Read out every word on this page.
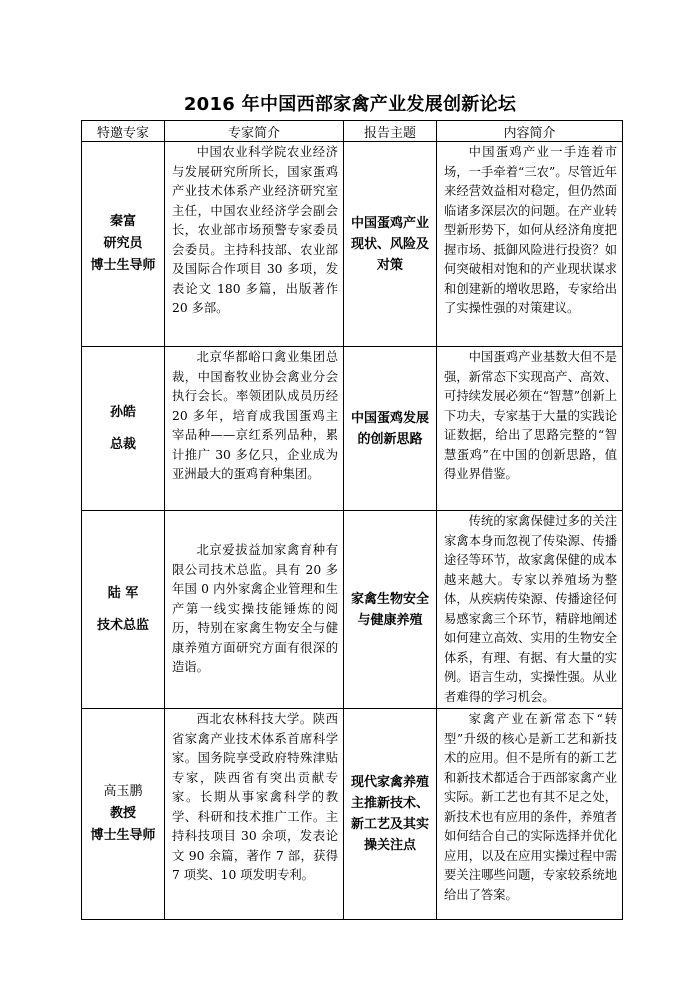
2016 年中国西部家禽产业发展创新论坛
特邀专家	专家简介	报告主题	内容简介
秦富
研究员
博士生导师	中国农业科学院农业经济与发展研究所所长，国家蛋鸡产业技术体系产业经济研究室主任，中国农业经济学会副会长，农业部市场预警专家委员会委员。主持科技部、农业部及国际合作项目 30 多项，发表论文 180 多篇，出版著作 20 多部。	中国蛋鸡产业现状、风险及对策	中国蛋鸡产业一手连着市场，一手牵着“三农”。尽管近年来经营效益相对稳定，但仍然面临诸多深层次的问题。在产业转型新形势下，如何从经济角度把握市场、抵御风险进行投资？如何突破相对饱和的产业现状谋求和创建新的增收思路，专家给出了实操性强的对策建议。

孙皓
总裁	北京华都峪口禽业集团总裁，中国畜牧业协会禽业分会执行会长。率领团队成员历经 20 多年，培育成我国蛋鸡主宰品种——京红系列品种，累计推广 30 多亿只，企业成为亚洲最大的蛋鸡育种集团。	中国蛋鸡发展的创新思路	中国蛋鸡产业基数大但不是强，新常态下实现高产、高效、可持续发展必须在“智慧”创新上下功夫，专家基于大量的实践论证数据，给出了思路完整的“智慧蛋鸡”在中国的创新思路，值得业界借鉴。

陆 军
技术总监	北京爱拔益加家禽育种有限公司技术总监。具有 20 多年国 0 内外家禽企业管理和生产第一线实操技能锤炼的阅历，特别在家禽生物安全与健康养殖方面研究方面有很深的造诣。	家禽生物安全与健康养殖	传统的家禽保健过多的关注家禽本身而忽视了传染源、传播途径等环节，故家禽保健的成本越来越大。专家以养殖场为整体，从疾病传染源、传播途径何易感家禽三个环节，精辟地阐述如何建立高效、实用的生物安全体系，有理、有据、有大量的实例。语言生动，实操性强。从业者难得的学习机会。

高玉鹏
教授
博士生导师	西北农林科技大学。陕西省家禽产业技术体系首席科学家。国务院享受政府特殊津贴专家，陕西省有突出贡献专家。长期从事家禽科学的教学、科研和技术推广工作。主持科技项目 30 余项，发表论文 90 余篇，著作 7 部，获得 7 项奖、10 项发明专利。	现代家禽养殖主推新技术、新工艺及其实操关注点	家禽产业在新常态下“转型”升级的核心是新工艺和新技术的应用。但不是所有的新工艺和新技术都适合于西部家禽产业实际。新工艺也有其不足之处，新技术也有应用的条件，养殖者如何结合自己的实际选择并优化应用，以及在应用实操过程中需要关注哪些问题，专家较系统地给出了答案。
